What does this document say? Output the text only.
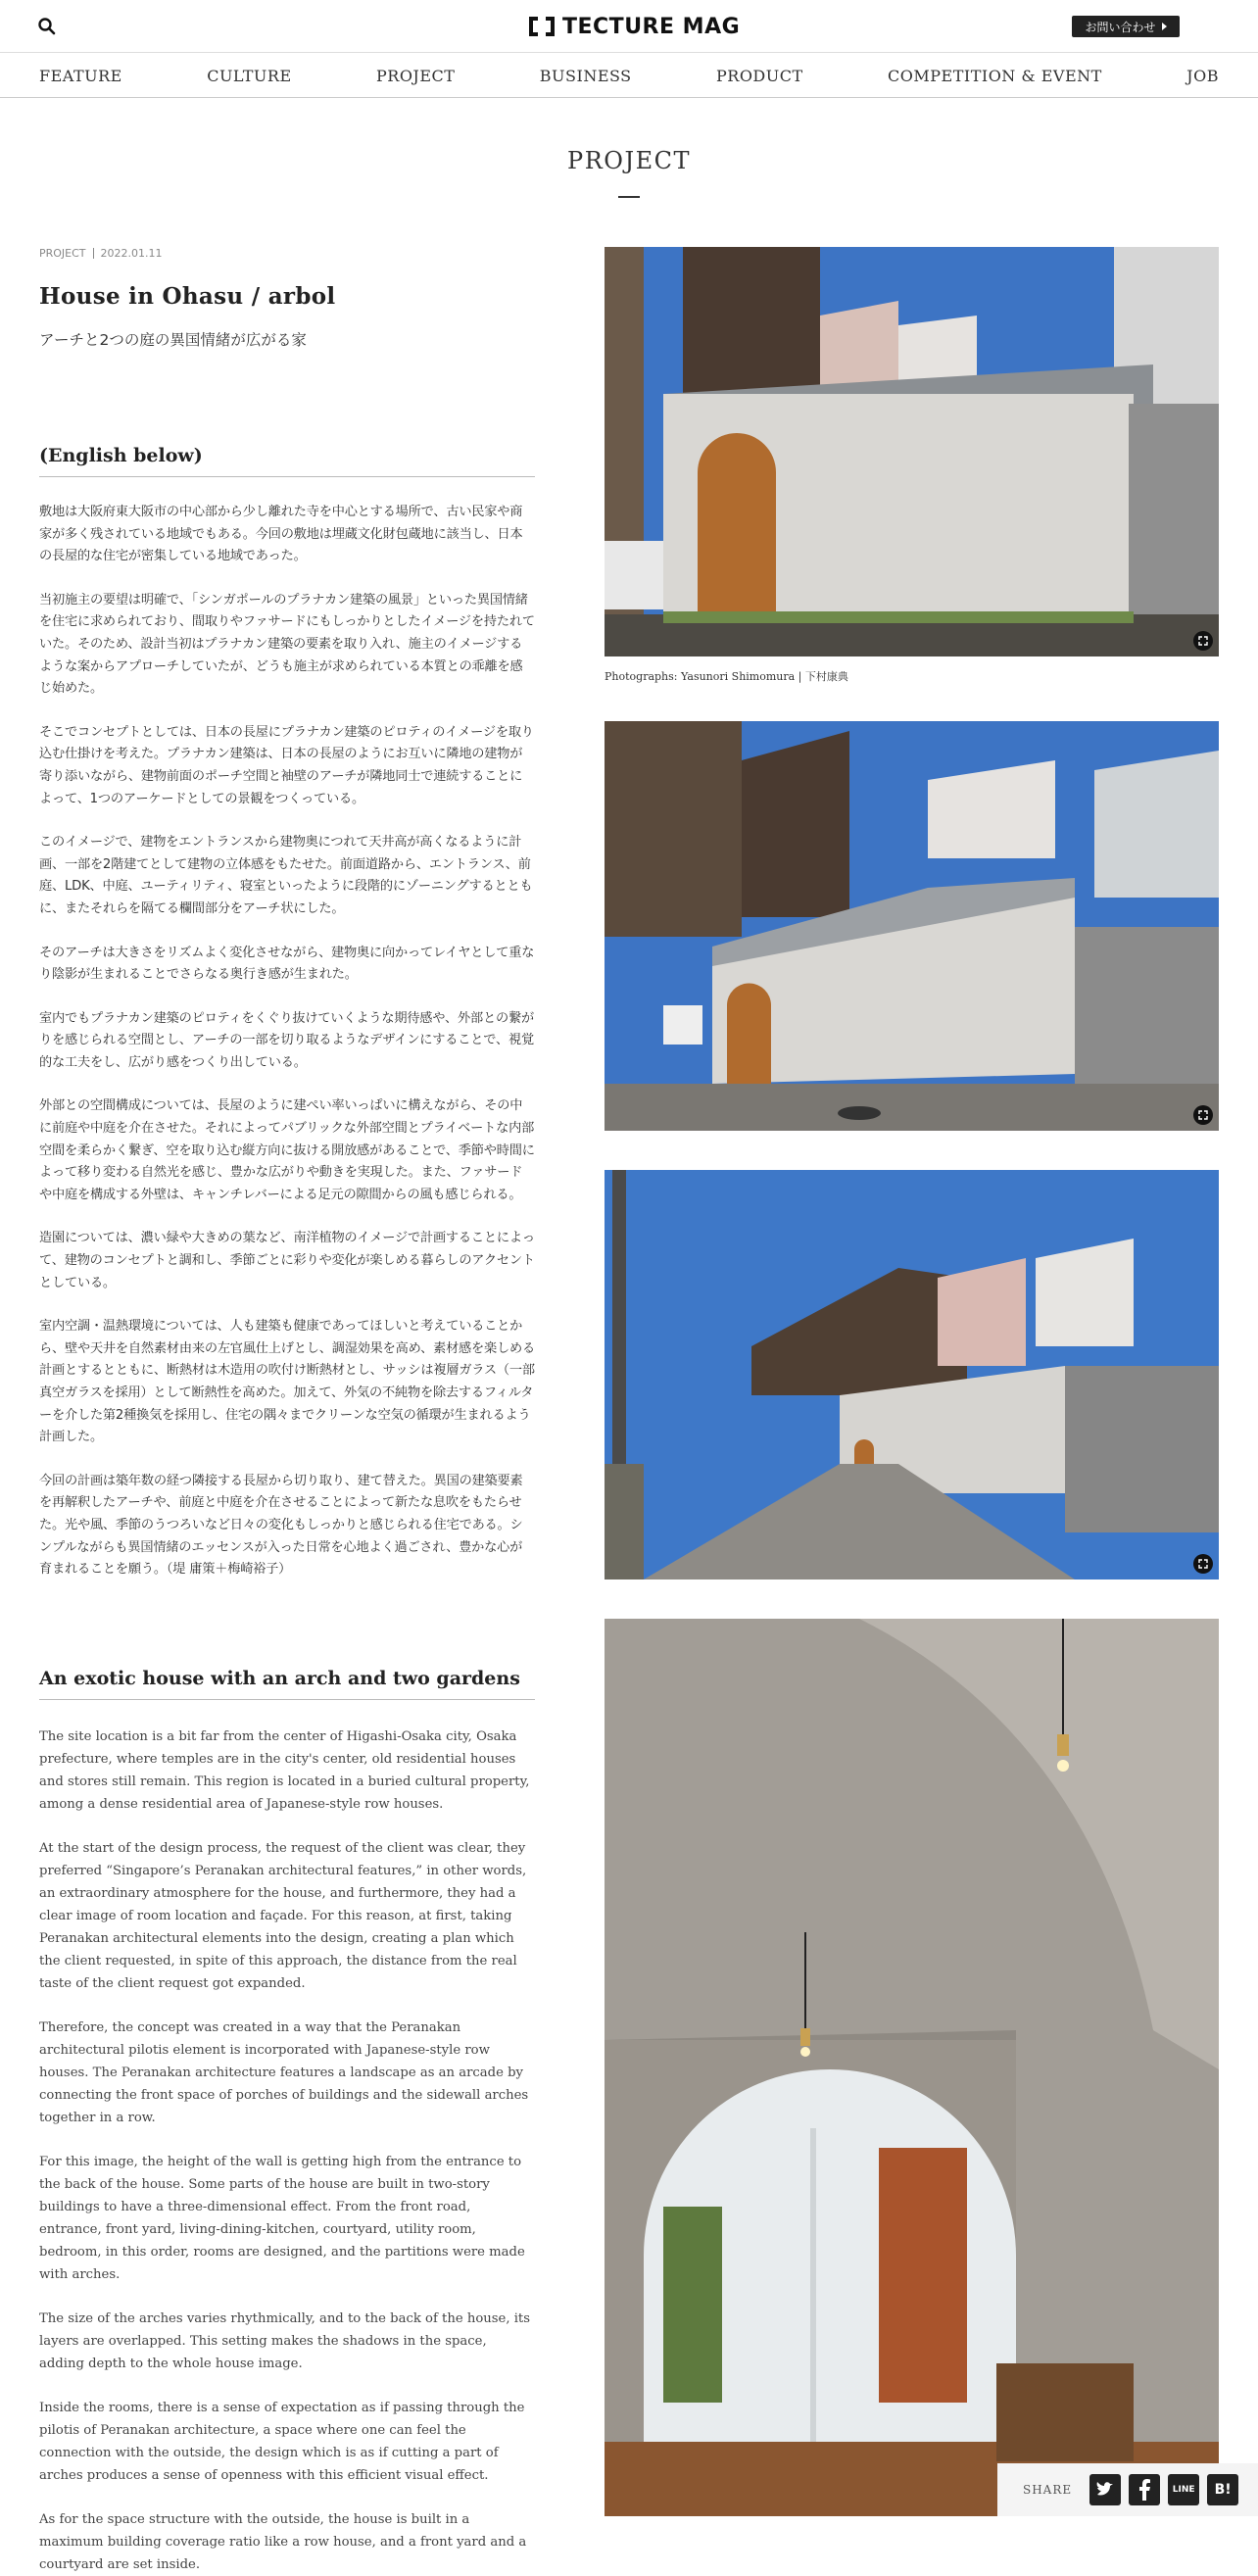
TECTURE MAG	お問い合わせ
FEATURE	CULTURE	PROJECT	BUSINESS	PRODUCT	COMPETITION & EVENT	JOB
PROJECT
PROJECT 2022.01.11
House in Ohasu / arbol
アーチと2つの庭の異国情緒が広がる家
(English below)

敷地は大阪府東大阪市の中心部から少し離れた寺を中心とする場所で、古い民家や商家が多く残されている地域でもある。今回の敷地は埋蔵文化財包蔵地に該当し、日本の長屋的な住宅が密集している地域であった。

当初施主の要望は明確で、「シンガポールのプラナカン建築の風景」といった異国情緒を住宅に求められており、間取りやファサードにもしっかりとしたイメージを持たれていた。そのため、設計当初はプラナカン建築の要素を取り入れ、施主のイメージするような案からアプローチしていたが、どうも施主が求められている本質との乖離を感じ始めた。

そこでコンセプトとしては、日本の長屋にプラナカン建築のピロティのイメージを取り込む仕掛けを考えた。プラナカン建築は、日本の長屋のようにお互いに隣地の建物が寄り添いながら、建物前面のポーチ空間と袖壁のアーチが隣地同士で連続することによって、1つのアーケードとしての景観をつくっている。

このイメージで、建物をエントランスから建物奥につれて天井高が高くなるように計画、一部を2階建てとして建物の立体感をもたせた。前面道路から、エントランス、前庭、LDK、中庭、ユーティリティ、寝室といったように段階的にゾーニングするとともに、またそれらを隔てる欄間部分をアーチ状にした。

そのアーチは大きさをリズムよく変化させながら、建物奥に向かってレイヤとして重なり陰影が生まれることでさらなる奥行き感が生まれた。

室内でもプラナカン建築のピロティをくぐり抜けていくような期待感や、外部との繋がりを感じられる空間とし、アーチの一部を切り取るようなデザインにすることで、視覚的な工夫をし、広がり感をつくり出している。

外部との空間構成については、長屋のように建ぺい率いっぱいに構えながら、その中に前庭や中庭を介在させた。それによってパブリックな外部空間とプライベートな内部空間を柔らかく繋ぎ、空を取り込む縦方向に抜ける開放感があることで、季節や時間によって移り変わる自然光を感じ、豊かな広がりや動きを実現した。また、ファサードや中庭を構成する外壁は、キャンチレバーによる足元の隙間からの風も感じられる。

造園については、濃い緑や大きめの葉など、南洋植物のイメージで計画することによって、建物のコンセプトと調和し、季節ごとに彩りや変化が楽しめる暮らしのアクセントとしている。

室内空調・温熱環境については、人も建築も健康であってほしいと考えていることから、壁や天井を自然素材由来の左官風仕上げとし、調湿効果を高め、素材感を楽しめる計画とするとともに、断熱材は木造用の吹付け断熱材とし、サッシは複層ガラス（一部真空ガラスを採用）として断熱性を高めた。加えて、外気の不純物を除去するフィルターを介した第2種換気を採用し、住宅の隅々までクリーンな空気の循環が生まれるよう計画した。

今回の計画は築年数の経つ隣接する長屋から切り取り、建て替えた。異国の建築要素を再解釈したアーチや、前庭と中庭を介在させることによって新たな息吹をもたらせた。光や風、季節のうつろいなど日々の変化もしっかりと感じられる住宅である。シンプルながらも異国情緒のエッセンスが入った日常を心地よく過ごされ、豊かな心が育まれることを願う。（堤 庸策＋梅崎裕子）

An exotic house with an arch and two gardens

The site location is a bit far from the center of Higashi-Osaka city, Osaka prefecture, where temples are in the city's center, old residential houses and stores still remain. This region is located in a buried cultural property, among a dense residential area of Japanese-style row houses.

At the start of the design process, the request of the client was clear, they preferred “Singapore’s Peranakan architectural features,” in other words, an extraordinary atmosphere for the house, and furthermore, they had a clear image of room location and façade. For this reason, at first, taking Peranakan architectural elements into the design, creating a plan which the client requested, in spite of this approach, the distance from the real taste of the client request got expanded.

Therefore, the concept was created in a way that the Peranakan architectural pilotis element is incorporated with Japanese-style row houses. The Peranakan architecture features a landscape as an arcade by connecting the front space of porches of buildings and the sidewall arches together in a row.

For this image, the height of the wall is getting high from the entrance to the back of the house. Some parts of the house are built in two-story buildings to have a three-dimensional effect. From the front road, entrance, front yard, living-dining-kitchen, courtyard, utility room, bedroom, in this order, rooms are designed, and the partitions were made with arches.

The size of the arches varies rhythmically, and to the back of the house, its layers are overlapped. This setting makes the shadows in the space, adding depth to the whole house image.

Inside the rooms, there is a sense of expectation as if passing through the pilotis of Peranakan architecture, a space where one can feel the connection with the outside, the design which is as if cutting a part of arches produces a sense of openness with this efficient visual effect.

As for the space structure with the outside, the house is built in a maximum building coverage ratio like a row house, and a front yard and a courtyard are set inside.

Photographs: Yasunori Shimomura | 下村康典
SHARE	LINE B!
